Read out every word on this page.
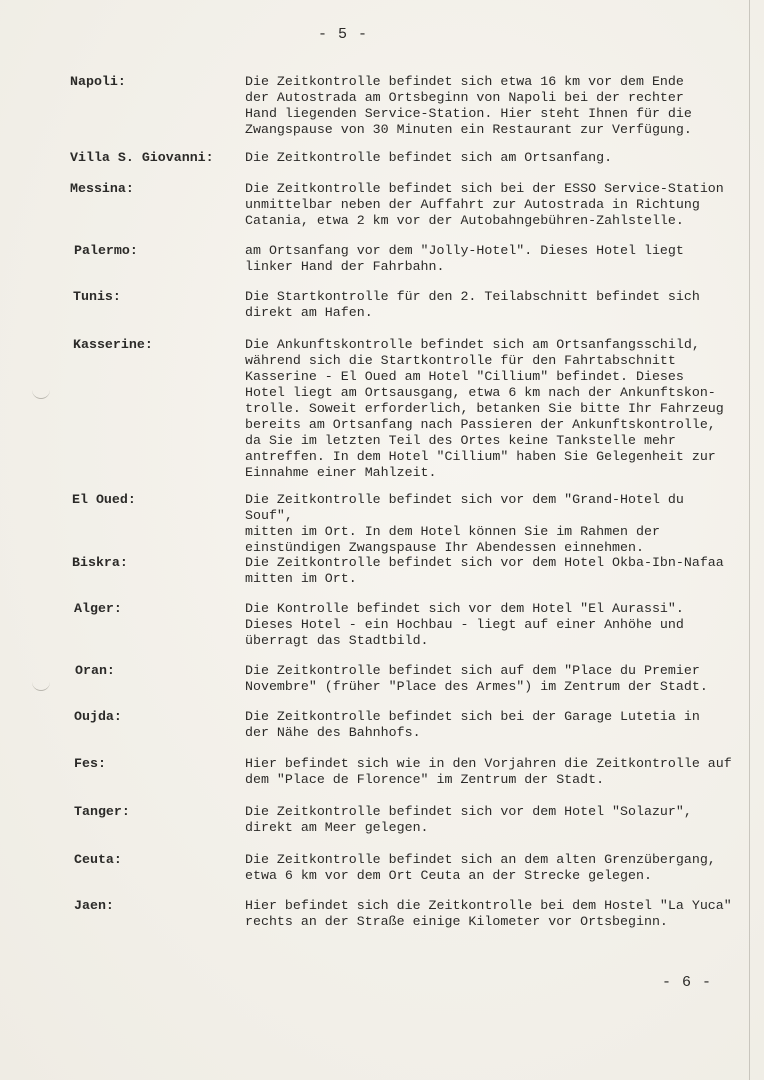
- 5 -
Napoli:	Die Zeitkontrolle befindet sich etwa 16 km vor dem Ende
der Autostrada am Ortsbeginn von Napoli bei der rechter
Hand liegenden Service-Station. Hier steht Ihnen für die
Zwangspause von 30 Minuten ein Restaurant zur Verfügung.
Villa S. Giovanni: Die Zeitkontrolle befindet sich am Ortsanfang.
Messina:	Die Zeitkontrolle befindet sich bei der ESSO Service-Station
unmittelbar neben der Auffahrt zur Autostrada in Richtung
Catania, etwa 2 km vor der Autobahngebühren-Zahlstelle.
Palermo:	am Ortsanfang vor dem "Jolly-Hotel". Dieses Hotel liegt
linker Hand der Fahrbahn.
Tunis:	Die Startkontrolle für den 2. Teilabschnitt befindet sich
direkt am Hafen.
Kasserine:	Die Ankunftskontrolle befindet sich am Ortsanfangsschild,
während sich die Startkontrolle für den Fahrtabschnitt
Kasserine - El Oued am Hotel "Cillium" befindet. Dieses
Hotel liegt am Ortsausgang, etwa 6 km nach der Ankunftskon-
trolle. Soweit erforderlich, betanken Sie bitte Ihr Fahrzeug
bereits am Ortsanfang nach Passieren der Ankunftskontrolle,
da Sie im letzten Teil des Ortes keine Tankstelle mehr
antreffen. In dem Hotel "Cillium" haben Sie Gelegenheit zur
Einnahme einer Mahlzeit.
El Oued:	Die Zeitkontrolle befindet sich vor dem "Grand-Hotel du Souf",
mitten im Ort. In dem Hotel können Sie im Rahmen der
einstündigen Zwangspause Ihr Abendessen einnehmen.
Biskra:	Die Zeitkontrolle befindet sich vor dem Hotel Okba-Ibn-Nafaa
mitten im Ort.
Alger:	Die Kontrolle befindet sich vor dem Hotel "El Aurassi".
Dieses Hotel - ein Hochbau - liegt auf einer Anhöhe und
überragt das Stadtbild.
Oran:	Die Zeitkontrolle befindet sich auf dem "Place du Premier
Novembre" (früher "Place des Armes") im Zentrum der Stadt.
Oujda:	Die Zeitkontrolle befindet sich bei der Garage Lutetia in
der Nähe des Bahnhofs.
Fes:	Hier befindet sich wie in den Vorjahren die Zeitkontrolle auf
dem "Place de Florence" im Zentrum der Stadt.
Tanger:	Die Zeitkontrolle befindet sich vor dem Hotel "Solazur",
direkt am Meer gelegen.
Ceuta:	Die Zeitkontrolle befindet sich an dem alten Grenzübergang,
etwa 6 km vor dem Ort Ceuta an der Strecke gelegen.
Jaen:	Hier befindet sich die Zeitkontrolle bei dem Hostel "La Yuca"
rechts an der Straße einige Kilometer vor Ortsbeginn.
- 6 -
